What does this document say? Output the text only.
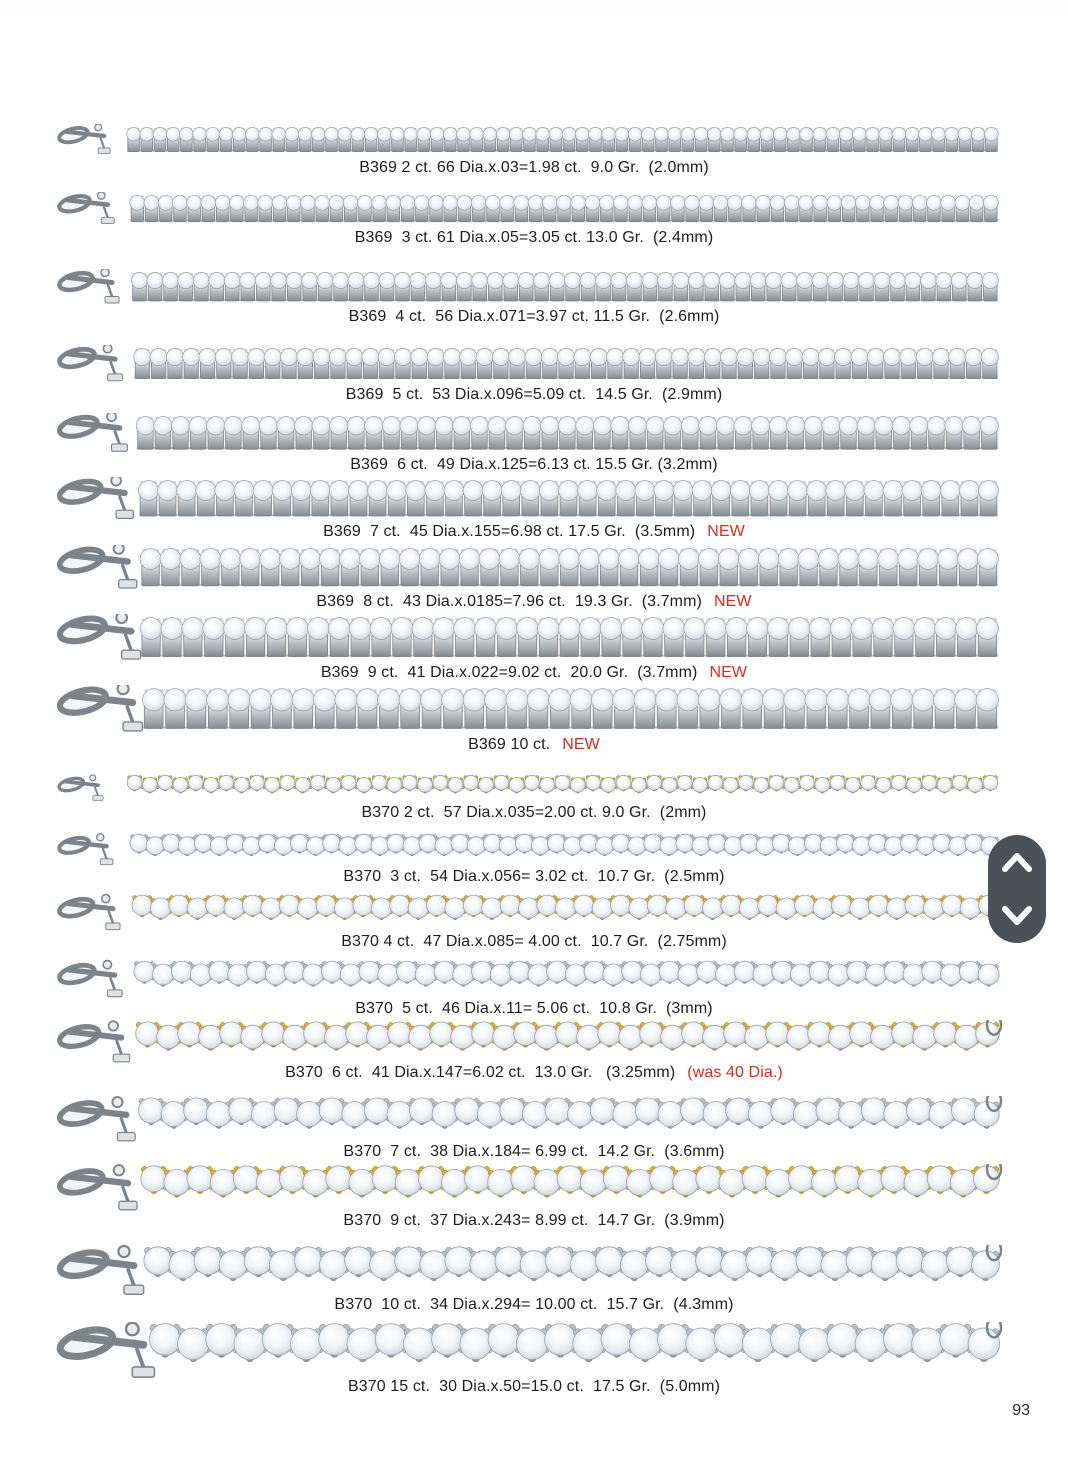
B369 2 ct. 66 Dia.x.03=1.98 ct.  9.0 Gr.  (2.0mm)
B369  3 ct. 61 Dia.x.05=3.05 ct. 13.0 Gr.  (2.4mm)
B369  4 ct.  56 Dia.x.071=3.97 ct. 11.5 Gr.  (2.6mm)
B369  5 ct.  53 Dia.x.096=5.09 ct.  14.5 Gr.  (2.9mm)
B369  6 ct.  49 Dia.x.125=6.13 ct. 15.5 Gr. (3.2mm)
B369  7 ct.  45 Dia.x.155=6.98 ct. 17.5 Gr.  (3.5mm) NEW
B369  8 ct.  43 Dia.x.0185=7.96 ct.  19.3 Gr.  (3.7mm) NEW
B369  9 ct.  41 Dia.x.022=9.02 ct.  20.0 Gr.  (3.7mm) NEW
B369 10 ct. NEW
B370 2 ct.  57 Dia.x.035=2.00 ct. 9.0 Gr.  (2mm)
B370  3 ct.  54 Dia.x.056= 3.02 ct.  10.7 Gr.  (2.5mm)
B370 4 ct.  47 Dia.x.085= 4.00 ct.  10.7 Gr.  (2.75mm)
B370  5 ct.  46 Dia.x.11= 5.06 ct.  10.8 Gr.  (3mm)
B370  6 ct.  41 Dia.x.147=6.02 ct.  13.0 Gr.   (3.25mm) (was 40 Dia.)
B370  7 ct.  38 Dia.x.184= 6.99 ct.  14.2 Gr.  (3.6mm)
B370  9 ct.  37 Dia.x.243= 8.99 ct.  14.7 Gr.  (3.9mm)
B370  10 ct.  34 Dia.x.294= 10.00 ct.  15.7 Gr.  (4.3mm)
B370 15 ct.  30 Dia.x.50=15.0 ct.  17.5 Gr.  (5.0mm)
93
